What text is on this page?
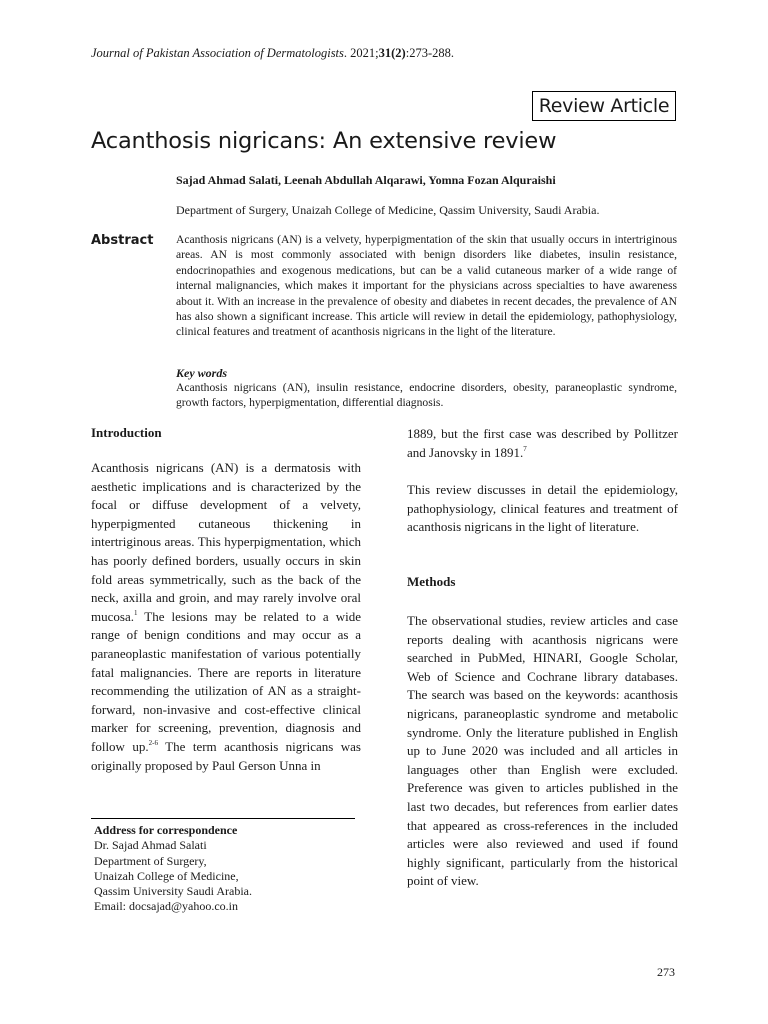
Journal of Pakistan Association of Dermatologists. 2021;31(2):273-288.
Review Article
Acanthosis nigricans: An extensive review
Sajad Ahmad Salati, Leenah Abdullah Alqarawi, Yomna Fozan Alquraishi
Department of Surgery, Unaizah College of Medicine, Qassim University, Saudi Arabia.
Abstract Acanthosis nigricans (AN) is a velvety, hyperpigmentation of the skin that usually occurs in intertriginous areas. AN is most commonly associated with benign disorders like diabetes, insulin resistance, endocrinopathies and exogenous medications, but can be a valid cutaneous marker of a wide range of internal malignancies, which makes it important for the physicians across specialties to have awareness about it. With an increase in the prevalence of obesity and diabetes in recent decades, the prevalence of AN has also shown a significant increase. This article will review in detail the epidemiology, pathophysiology, clinical features and treatment of acanthosis nigricans in the light of the literature.

Key words

Acanthosis nigricans (AN), insulin resistance, endocrine disorders, obesity, paraneoplastic syndrome, growth factors, hyperpigmentation, differential diagnosis.

Introduction

Acanthosis nigricans (AN) is a dermatosis with aesthetic implications and is characterized by the focal or diffuse development of a velvety, hyperpigmented cutaneous thickening in intertriginous areas. This hyperpigmentation, which has poorly defined borders, usually occurs in skin fold areas symmetrically, such as the back of the neck, axilla and groin, and may rarely involve oral mucosa.$^1$ The lesions may be related to a wide range of benign conditions and may occur as a paraneoplastic manifestation of various potentially fatal malignancies. There are reports in literature recommending the utilization of AN as a straight-forward, non-invasive and cost-effective clinical marker for screening, prevention, diagnosis and follow up.$^{2-6}$ The term acanthosis nigricans was originally proposed by Paul Gerson Unna in

Address for correspondence
Dr. Sajad Ahmad Salati
Department of Surgery,
Unaizah College of Medicine,
Qassim University Saudi Arabia.
Email: docsajad@yahoo.co.in

1889, but the first case was described by Pollitzer and Janovsky in 1891.$^7$

This review discusses in detail the epidemiology, pathophysiology, clinical features and treatment of acanthosis nigricans in the light of literature.

Methods

The observational studies, review articles and case reports dealing with acanthosis nigricans were searched in PubMed, HINARI, Google Scholar, Web of Science and Cochrane library databases. The search was based on the keywords: acanthosis nigricans, paraneoplastic syndrome and metabolic syndrome. Only the literature published in English up to June 2020 was included and all articles in languages other than English were excluded. Preference was given to articles published in the last two decades, but references from earlier dates that appeared as cross-references in the included articles were also reviewed and used if found highly significant, particularly from the historical point of view.

273
